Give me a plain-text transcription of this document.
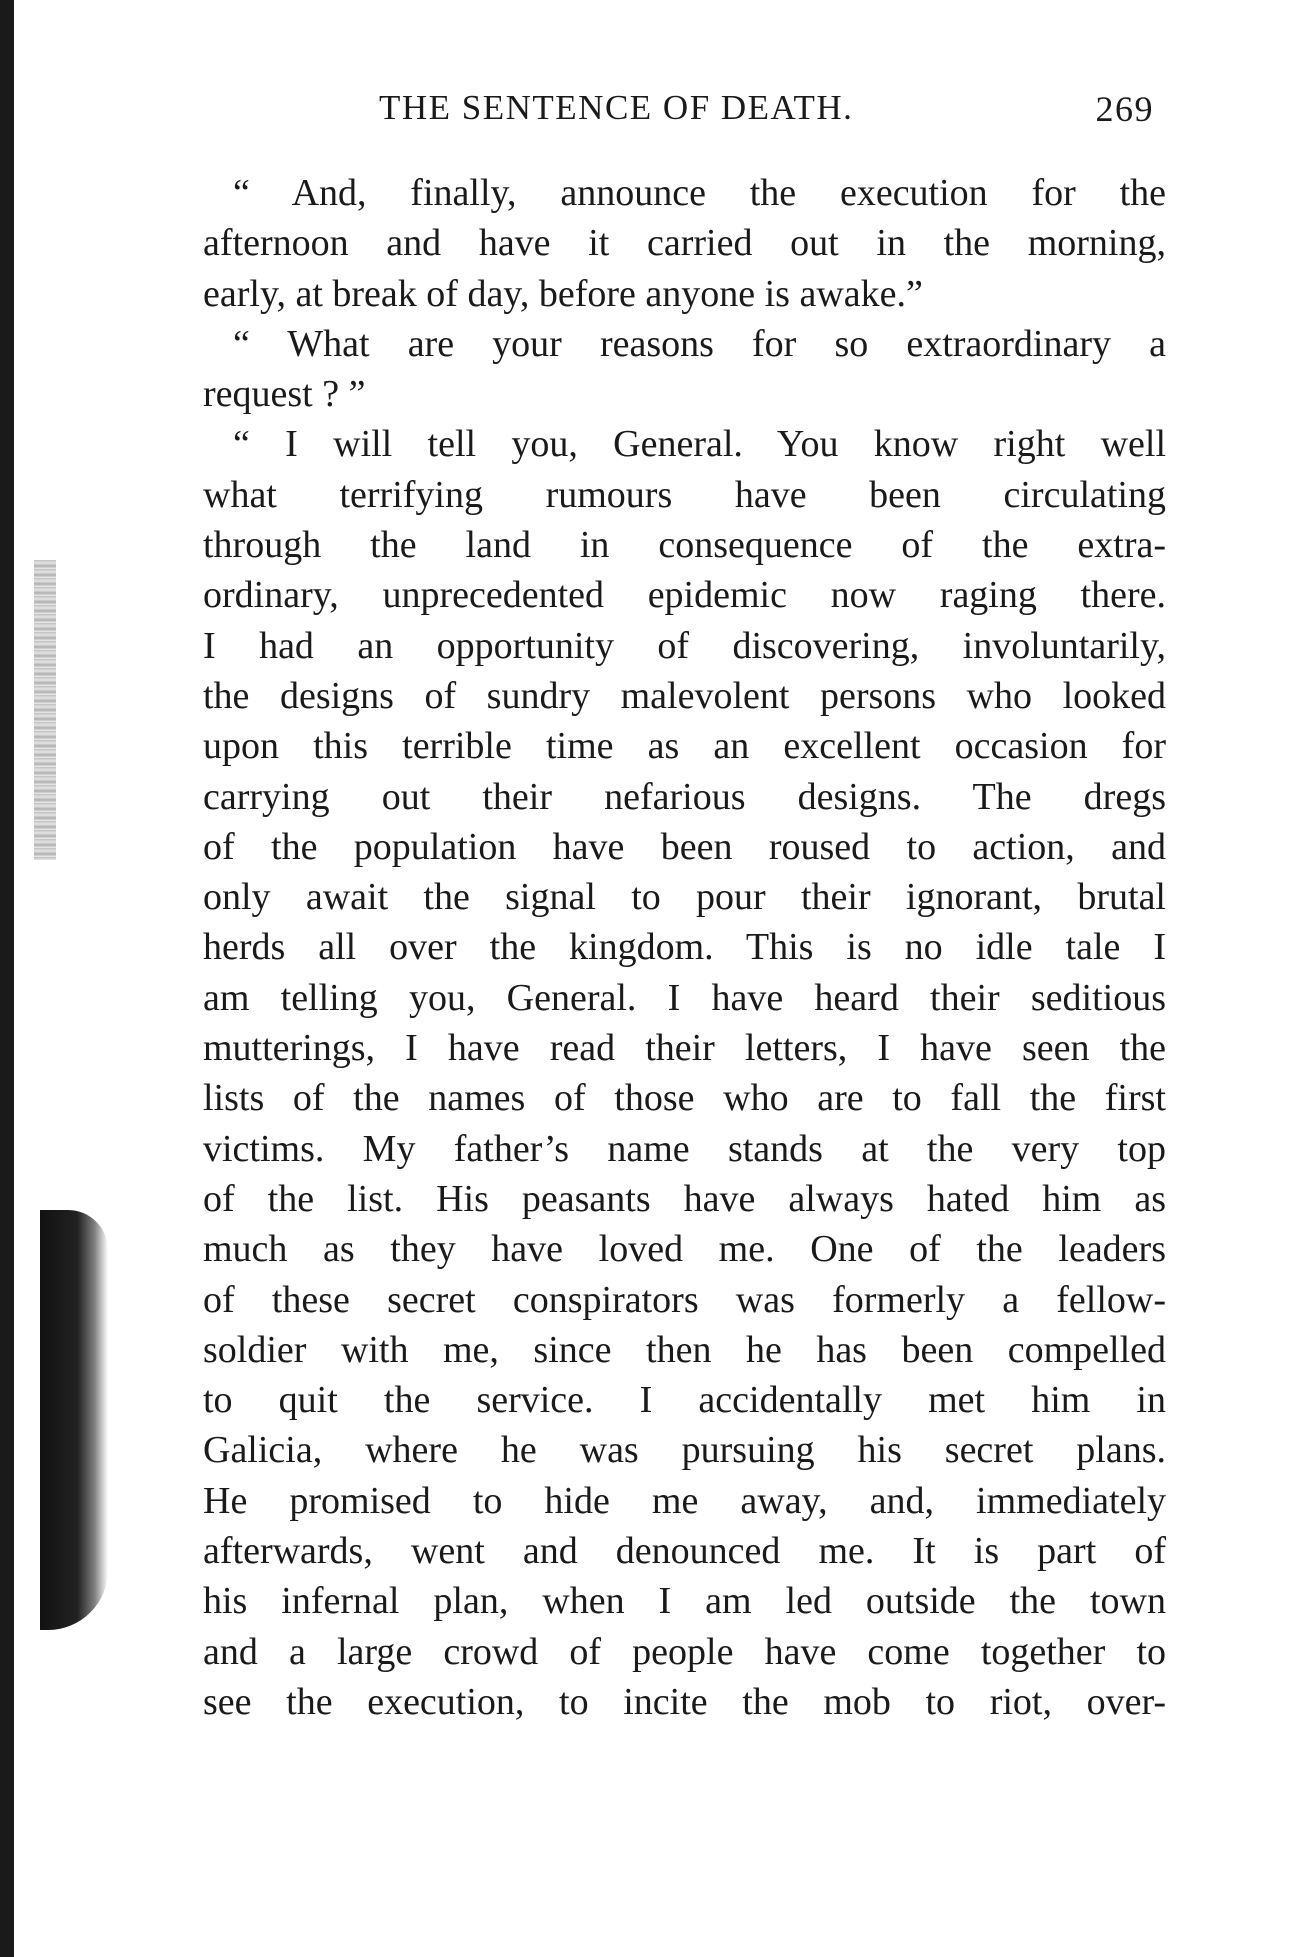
THE SENTENCE OF DEATH.	269
“ And, finally, announce the execution for the
afternoon and have it carried out in the morning,
early, at break of day, before anyone is awake.”
“ What are your reasons for so extraordinary a
request ? ”
“ I will tell you, General. You know right well
what terrifying rumours have been circulating
through the land in consequence of the extra-
ordinary, unprecedented epidemic now raging there.
I had an opportunity of discovering, involuntarily,
the designs of sundry malevolent persons who looked
upon this terrible time as an excellent occasion for
carrying out their nefarious designs. The dregs
of the population have been roused to action, and
only await the signal to pour their ignorant, brutal
herds all over the kingdom. This is no idle tale I
am telling you, General. I have heard their seditious
mutterings, I have read their letters, I have seen the
lists of the names of those who are to fall the first
victims. My father’s name stands at the very top
of the list. His peasants have always hated him as
much as they have loved me. One of the leaders
of these secret conspirators was formerly a fellow-
soldier with me, since then he has been compelled
to quit the service. I accidentally met him in
Galicia, where he was pursuing his secret plans.
He promised to hide me away, and, immediately
afterwards, went and denounced me. It is part of
his infernal plan, when I am led outside the town
and a large crowd of people have come together to
see the execution, to incite the mob to riot, over-
